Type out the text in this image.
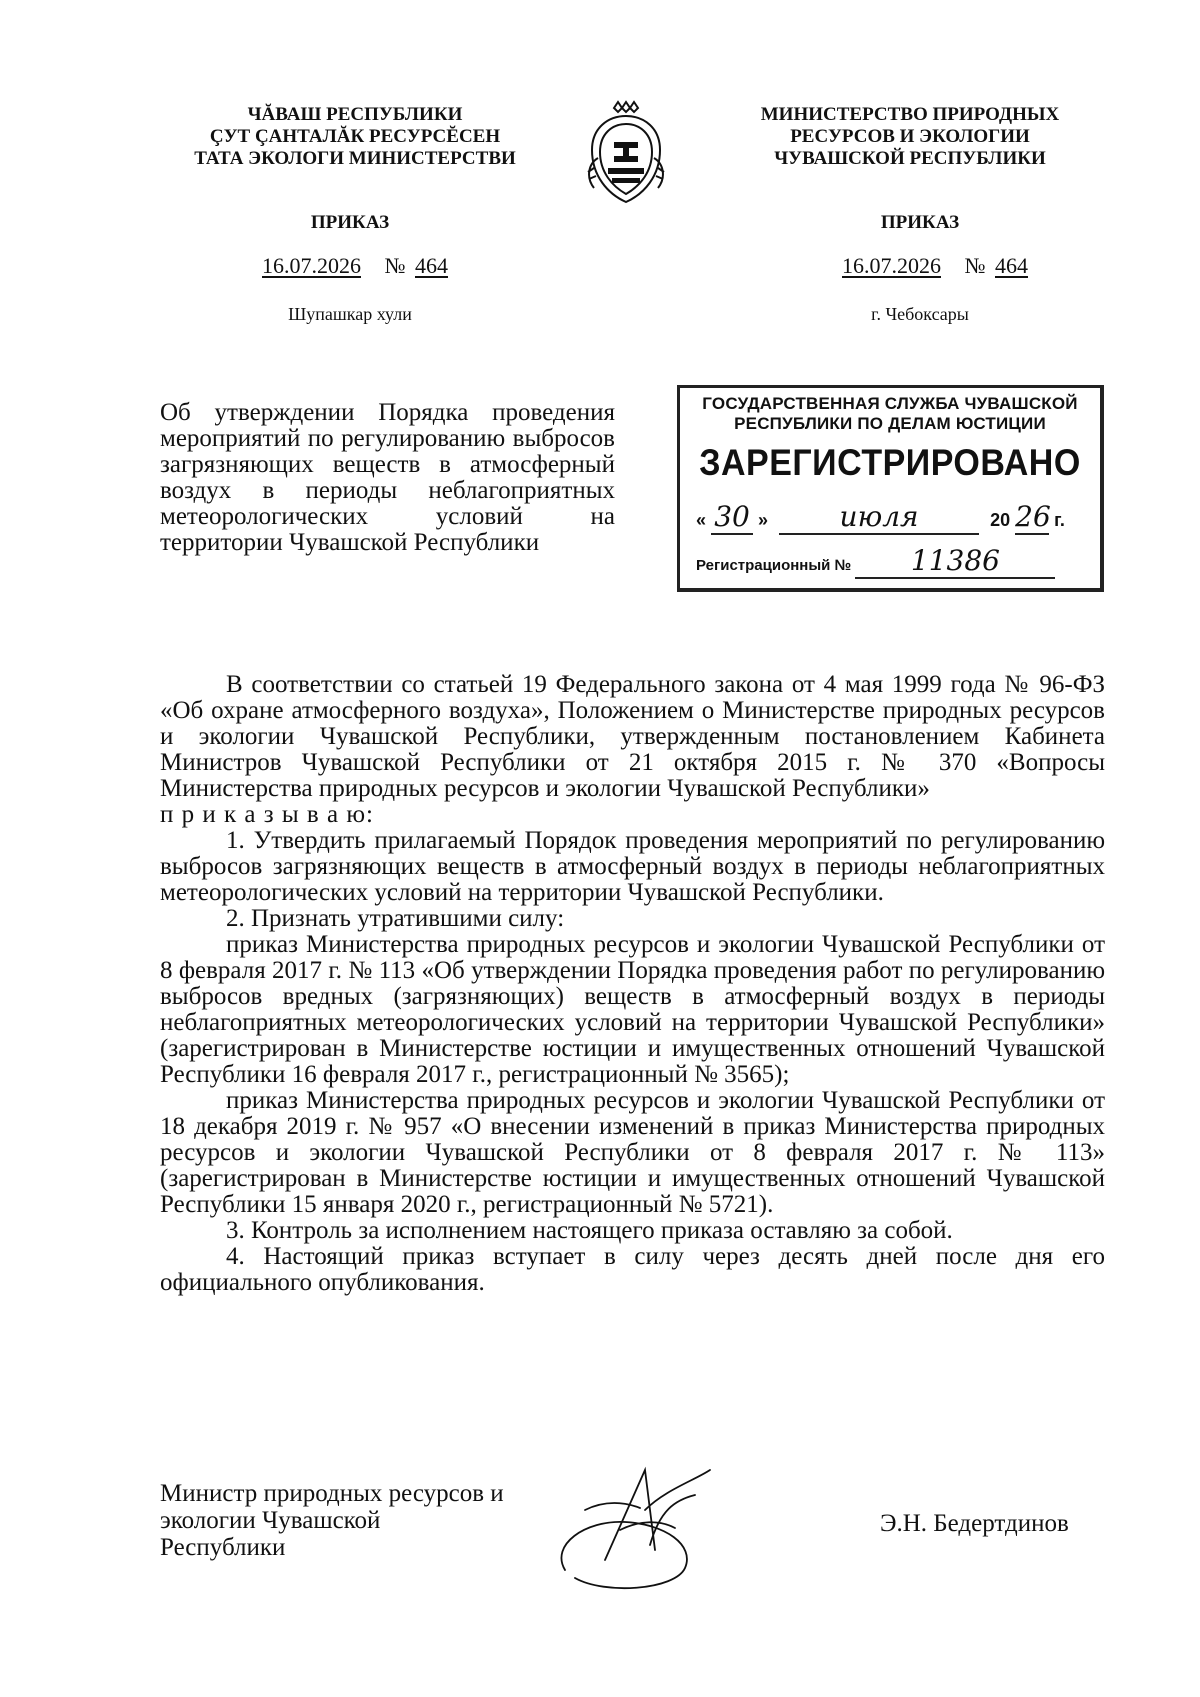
ЧĂВАШ РЕСПУБЛИКИ
ÇУТ ÇАНТАЛĂК РЕСУРСĔСЕН
ТАТА ЭКОЛОГИ МИНИСТЕРСТВИ
МИНИСТЕРСТВО ПРИРОДНЫХ
РЕСУРСОВ И ЭКОЛОГИИ
ЧУВАШСКОЙ РЕСПУБЛИКИ
ПРИКАЗ	ПРИКАЗ
16.07.2026 № 464	16.07.2026 № 464
Шупашкар хули	г. Чебоксары
Об утверждении Порядка проведения мероприятий по регулированию выбросов загрязняющих веществ в атмосферный воздух в периоды неблагоприятных метеорологических условий на территории Чувашской Республики
ГОСУДАРСТВЕННАЯ СЛУЖБА ЧУВАШСКОЙ
РЕСПУБЛИКИ ПО ДЕЛАМ ЮСТИЦИИ
ЗАРЕГИСТРИРОВАНО
« 30 »	июля	20 26 г.
Регистрационный № 11386

В соответствии со статьей 19 Федерального закона от 4 мая 1999 года № 96-ФЗ «Об охране атмосферного воздуха», Положением о Министерстве природных ресурсов и экологии Чувашской Республики, утвержденным постановлением Кабинета Министров Чувашской Республики от 21 октября 2015 г. № 370 «Вопросы Министерства природных ресурсов и экологии Чувашской Республики»

п р и к а з ы в а ю:

1. Утвердить прилагаемый Порядок проведения мероприятий по регулированию выбросов загрязняющих веществ в атмосферный воздух в периоды неблагоприятных метеорологических условий на территории Чувашской Республики.

2. Признать утратившими силу:

приказ Министерства природных ресурсов и экологии Чувашской Республики от 8 февраля 2017 г. № 113 «Об утверждении Порядка проведения работ по регулированию выбросов вредных (загрязняющих) веществ в атмосферный воздух в периоды неблагоприятных метеорологических условий на территории Чувашской Республики» (зарегистрирован в Министерстве юстиции и имущественных отношений Чувашской Республики 16 февраля 2017 г., регистрационный № 3565);

приказ Министерства природных ресурсов и экологии Чувашской Республики от 18 декабря 2019 г. № 957 «О внесении изменений в приказ Министерства природных ресурсов и экологии Чувашской Республики от 8 февраля 2017 г. № 113» (зарегистрирован в Министерстве юстиции и имущественных отношений Чувашской Республики 15 января 2020 г., регистрационный № 5721).

3. Контроль за исполнением настоящего приказа оставляю за собой.

4. Настоящий приказ вступает в силу через десять дней после дня его официального опубликования.

Министр природных ресурсов и
экологии Чувашской
Республики
Э.Н. Бедертдинов
